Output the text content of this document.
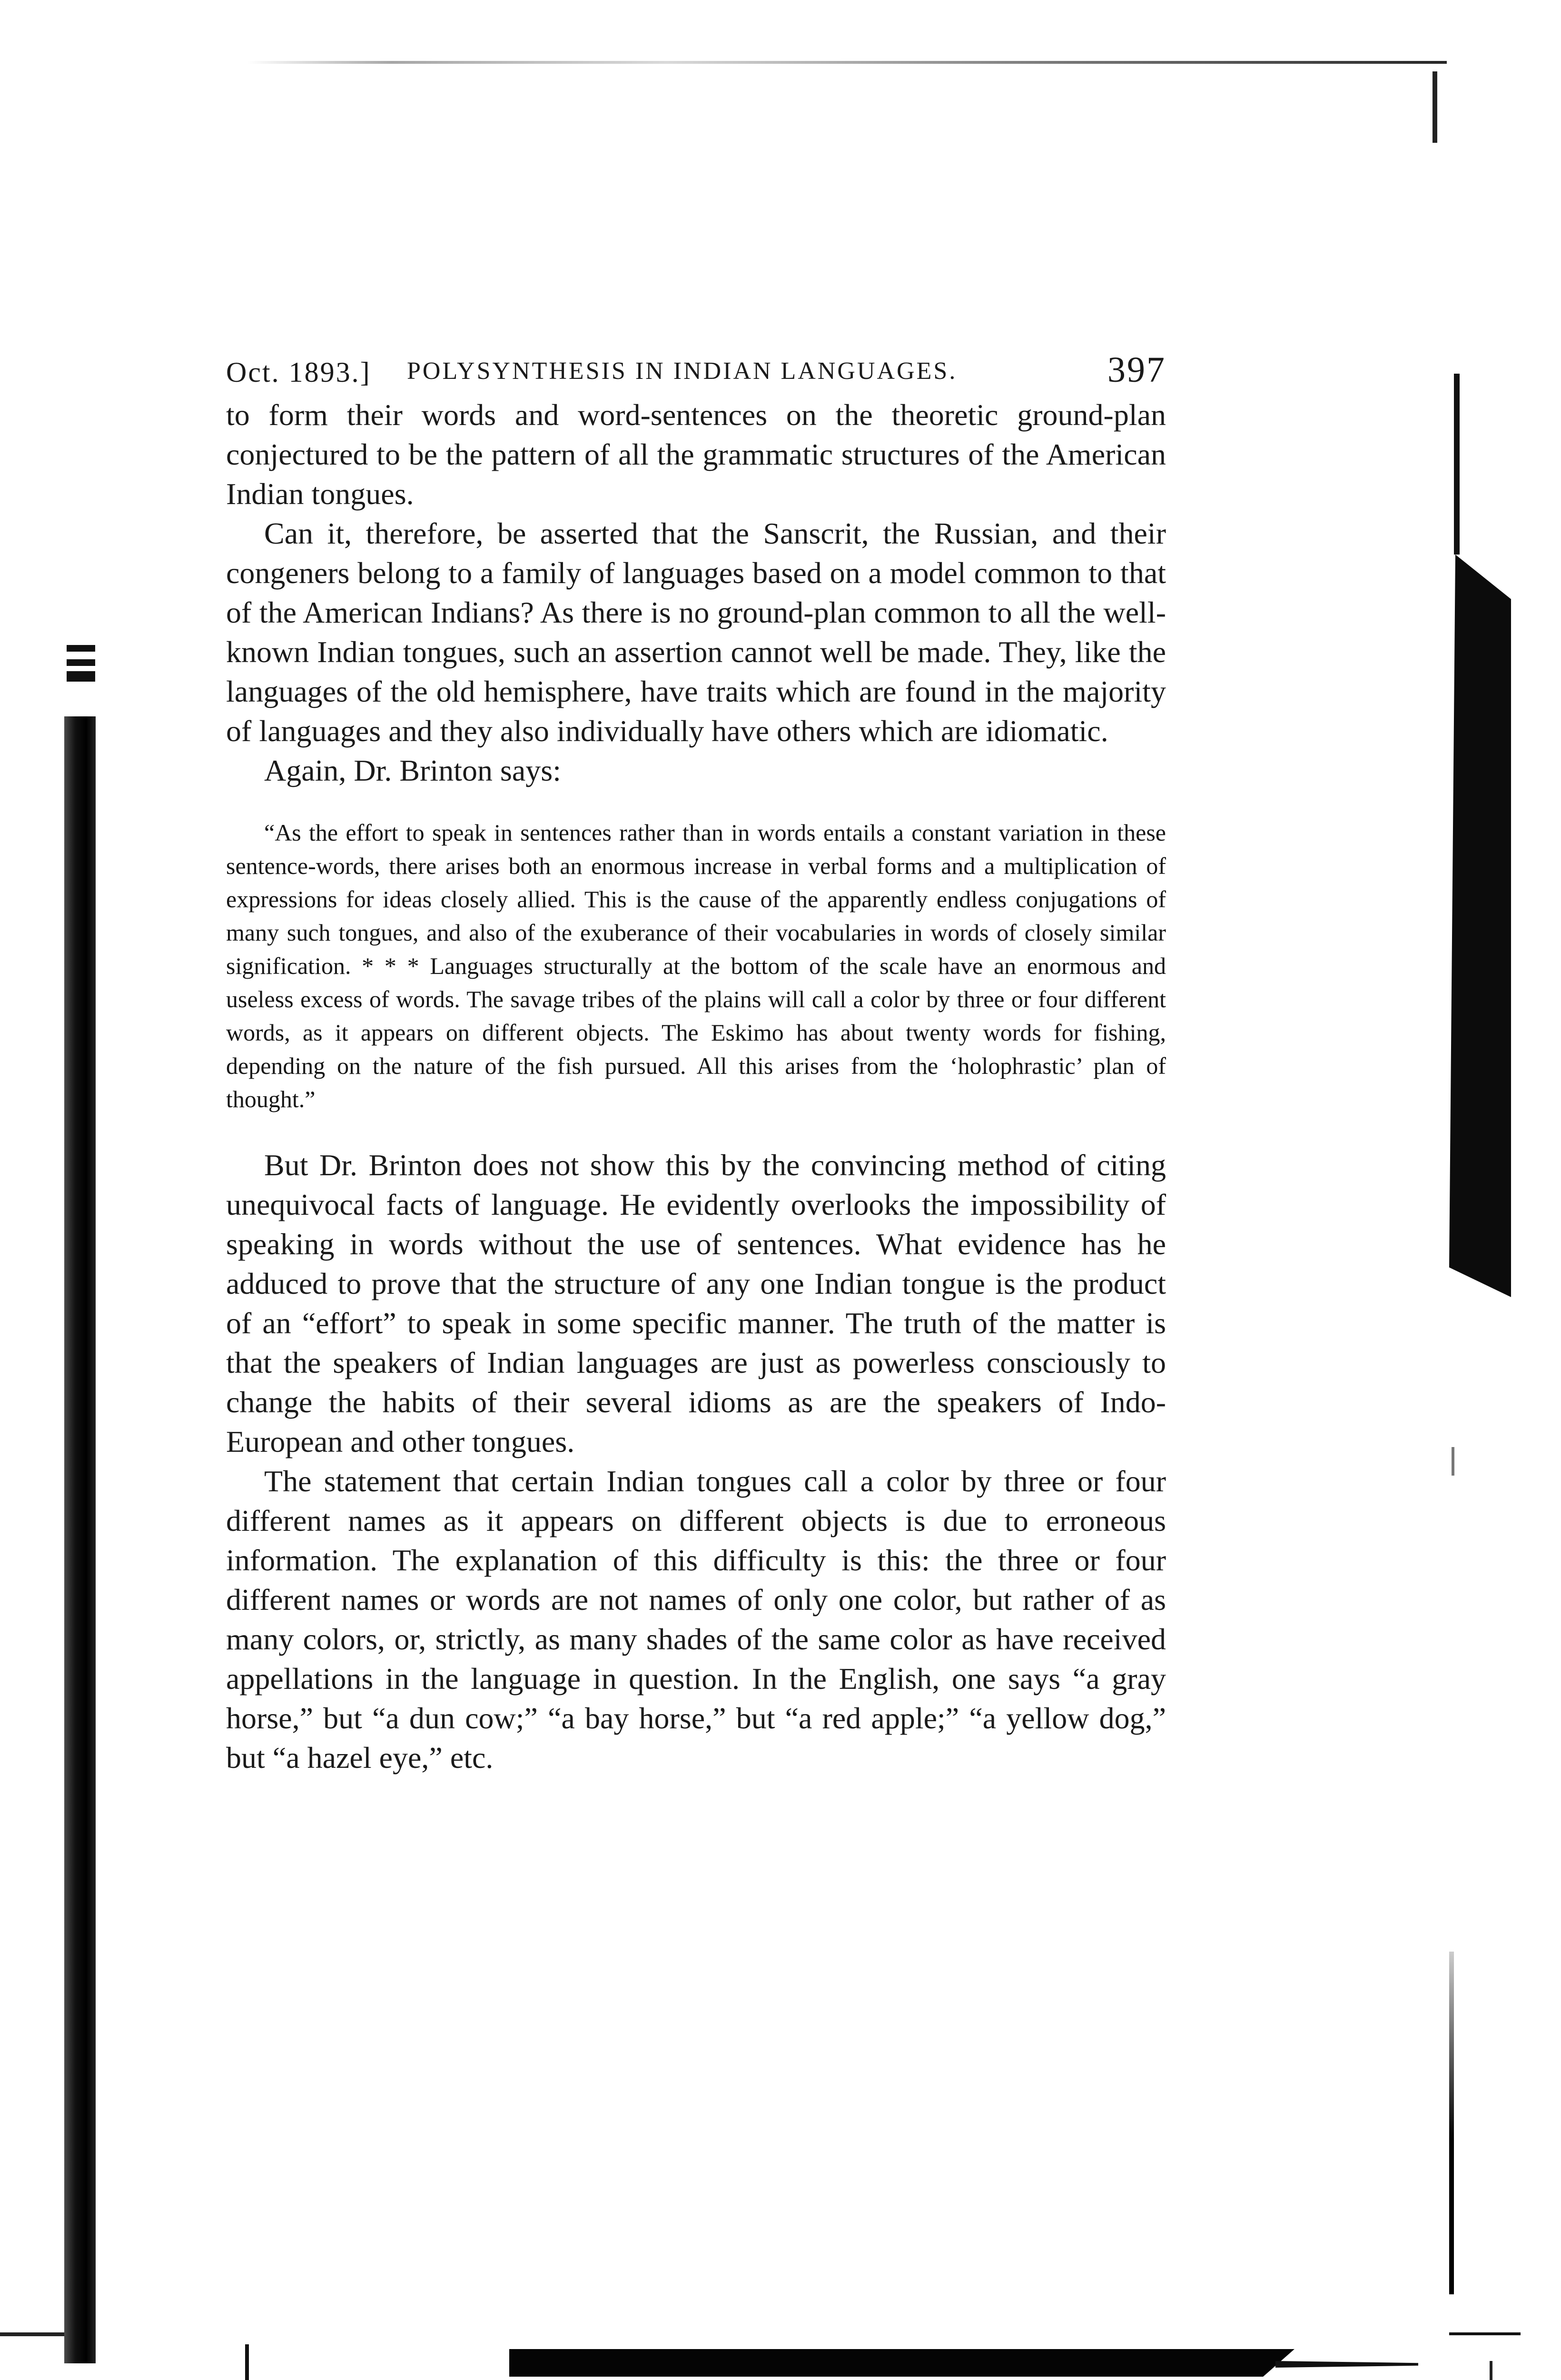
Oct. 1893.] POLYSYNTHESIS IN INDIAN LANGUAGES.	397

to form their words and word-sentences on the theoretic ground-plan conjectured to be the pattern of all the grammatic structures of the American Indian tongues.

Can it, therefore, be asserted that the Sanscrit, the Russian, and their congeners belong to a family of languages based on a model common to that of the American Indians? As there is no ground-plan common to all the well-known Indian tongues, such an assertion cannot well be made. They, like the languages of the old hemisphere, have traits which are found in the majority of languages and they also individually have others which are idiomatic.

Again, Dr. Brinton says:

“As the effort to speak in sentences rather than in words entails a constant variation in these sentence-words, there arises both an enormous increase in verbal forms and a multiplication of expressions for ideas closely allied. This is the cause of the apparently endless conjugations of many such tongues, and also of the exuberance of their vocabularies in words of closely similar signification. * * * Languages structurally at the bottom of the scale have an enormous and useless excess of words. The savage tribes of the plains will call a color by three or four different words, as it appears on different objects. The Eskimo has about twenty words for fishing, depending on the nature of the fish pursued. All this arises from the ‘holophrastic’ plan of thought.”

But Dr. Brinton does not show this by the convincing method of citing unequivocal facts of language. He evidently overlooks the impossibility of speaking in words without the use of sentences. What evidence has he adduced to prove that the structure of any one Indian tongue is the product of an “effort” to speak in some specific manner. The truth of the matter is that the speakers of Indian languages are just as powerless consciously to change the habits of their several idioms as are the speakers of Indo-European and other tongues.

The statement that certain Indian tongues call a color by three or four different names as it appears on different objects is due to erroneous information. The explanation of this difficulty is this: the three or four different names or words are not names of only one color, but rather of as many colors, or, strictly, as many shades of the same color as have received appellations in the language in question. In the English, one says “a gray horse,” but “a dun cow;” “a bay horse,” but “a red apple;” “a yellow dog,” but “a hazel eye,” etc.
